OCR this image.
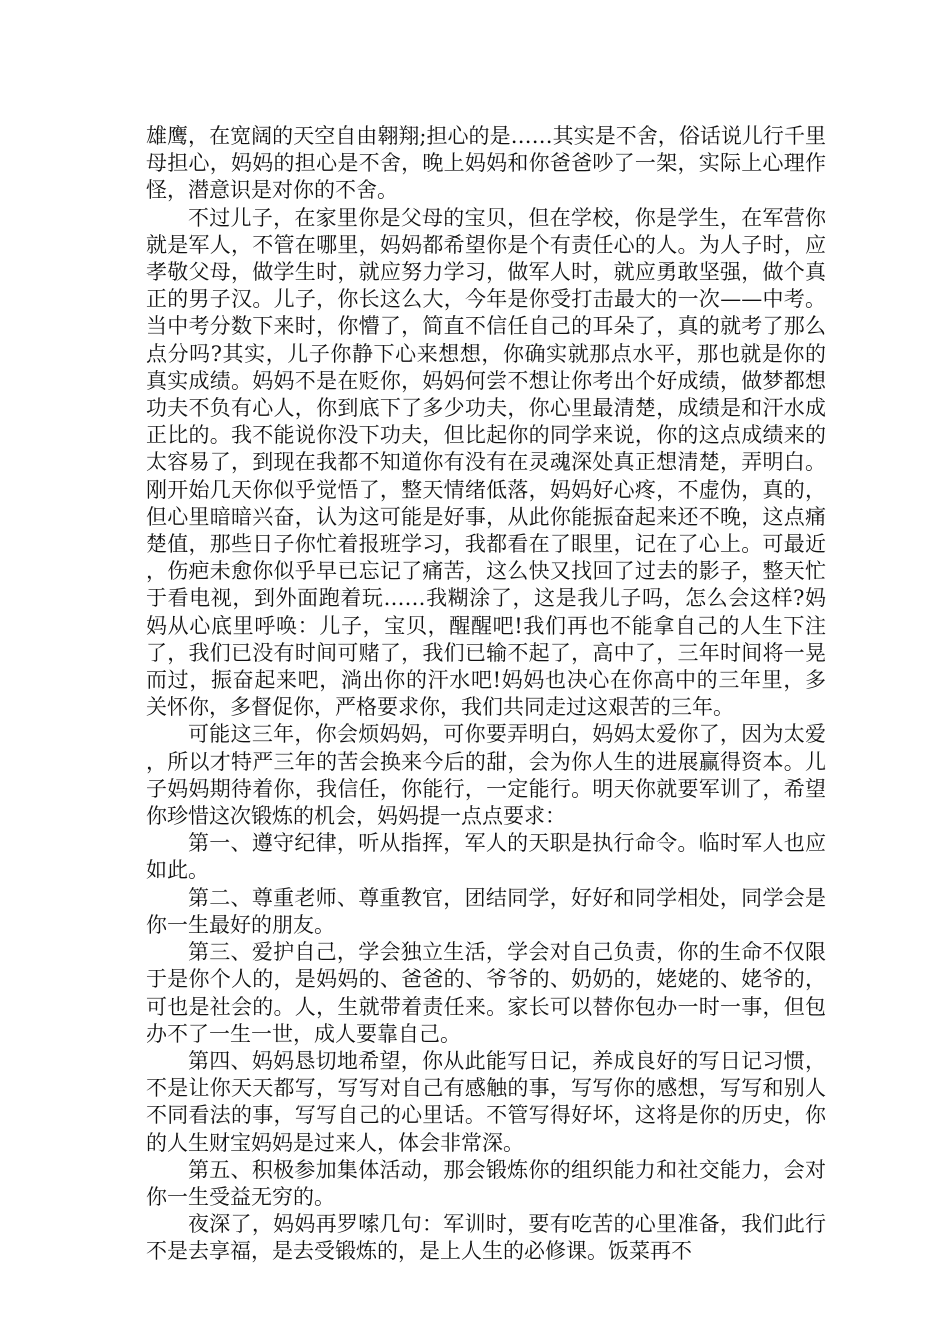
雄鹰，在宽阔的天空自由翱翔;担心的是……其实是不舍，俗话说儿行千里母担心，妈妈的担心是不舍，晚上妈妈和你爸爸吵了一架，实际上心理作怪，潜意识是对你的不舍。

不过儿子，在家里你是父母的宝贝，但在学校，你是学生，在军营你就是军人，不管在哪里，妈妈都希望你是个有责任心的人。为人子时，应孝敬父母，做学生时，就应努力学习，做军人时，就应勇敢坚强，做个真正的男子汉。儿子，你长这么大，今年是你受打击最大的一次——中考。当中考分数下来时，你懵了，简直不信任自己的耳朵了，真的就考了那么点分吗?其实，儿子你静下心来想想，你确实就那点水平，那也就是你的真实成绩。妈妈不是在贬你，妈妈何尝不想让你考出个好成绩，做梦都想功夫不负有心人，你到底下了多少功夫，你心里最清楚，成绩是和汗水成正比的。我不能说你没下功夫，但比起你的同学来说，你的这点成绩来的太容易了，到现在我都不知道你有没有在灵魂深处真正想清楚，弄明白。刚开始几天你似乎觉悟了，整天情绪低落，妈妈好心疼，不虚伪，真的，但心里暗暗兴奋，认为这可能是好事，从此你能振奋起来还不晚，这点痛楚值，那些日子你忙着报班学习，我都看在了眼里，记在了心上。可最近，伤疤未愈你似乎早已忘记了痛苦，这么快又找回了过去的影子，整天忙于看电视，到外面跑着玩……我糊涂了，这是我儿子吗，怎么会这样?妈妈从心底里呼唤：儿子，宝贝，醒醒吧!我们再也不能拿自己的人生下注了，我们已没有时间可赌了，我们已输不起了，高中了，三年时间将一晃而过，振奋起来吧，淌出你的汗水吧!妈妈也决心在你高中的三年里，多关怀你，多督促你，严格要求你，我们共同走过这艰苦的三年。

可能这三年，你会烦妈妈，可你要弄明白，妈妈太爱你了，因为太爱，所以才特严三年的苦会换来今后的甜，会为你人生的进展赢得资本。儿子妈妈期待着你，我信任，你能行，一定能行。明天你就要军训了，希望你珍惜这次锻炼的机会，妈妈提一点点要求：

第一、遵守纪律，听从指挥，军人的天职是执行命令。临时军人也应如此。

第二、尊重老师、尊重教官，团结同学，好好和同学相处，同学会是你一生最好的朋友。

第三、爱护自己，学会独立生活，学会对自己负责，你的生命不仅限于是你个人的，是妈妈的、爸爸的、爷爷的、奶奶的，姥姥的、姥爷的，可也是社会的。人，生就带着责任来。家长可以替你包办一时一事，但包办不了一生一世，成人要靠自己。

第四、妈妈恳切地希望，你从此能写日记，养成良好的写日记习惯，不是让你天天都写，写写对自己有感触的事，写写你的感想，写写和别人不同看法的事，写写自己的心里话。不管写得好坏，这将是你的历史，你的人生财宝妈妈是过来人，体会非常深。

第五、积极参加集体活动，那会锻炼你的组织能力和社交能力，会对你一生受益无穷的。

夜深了，妈妈再罗嗦几句：军训时，要有吃苦的心里准备，我们此行不是去享福，是去受锻炼的，是上人生的必修课。饭菜再不
